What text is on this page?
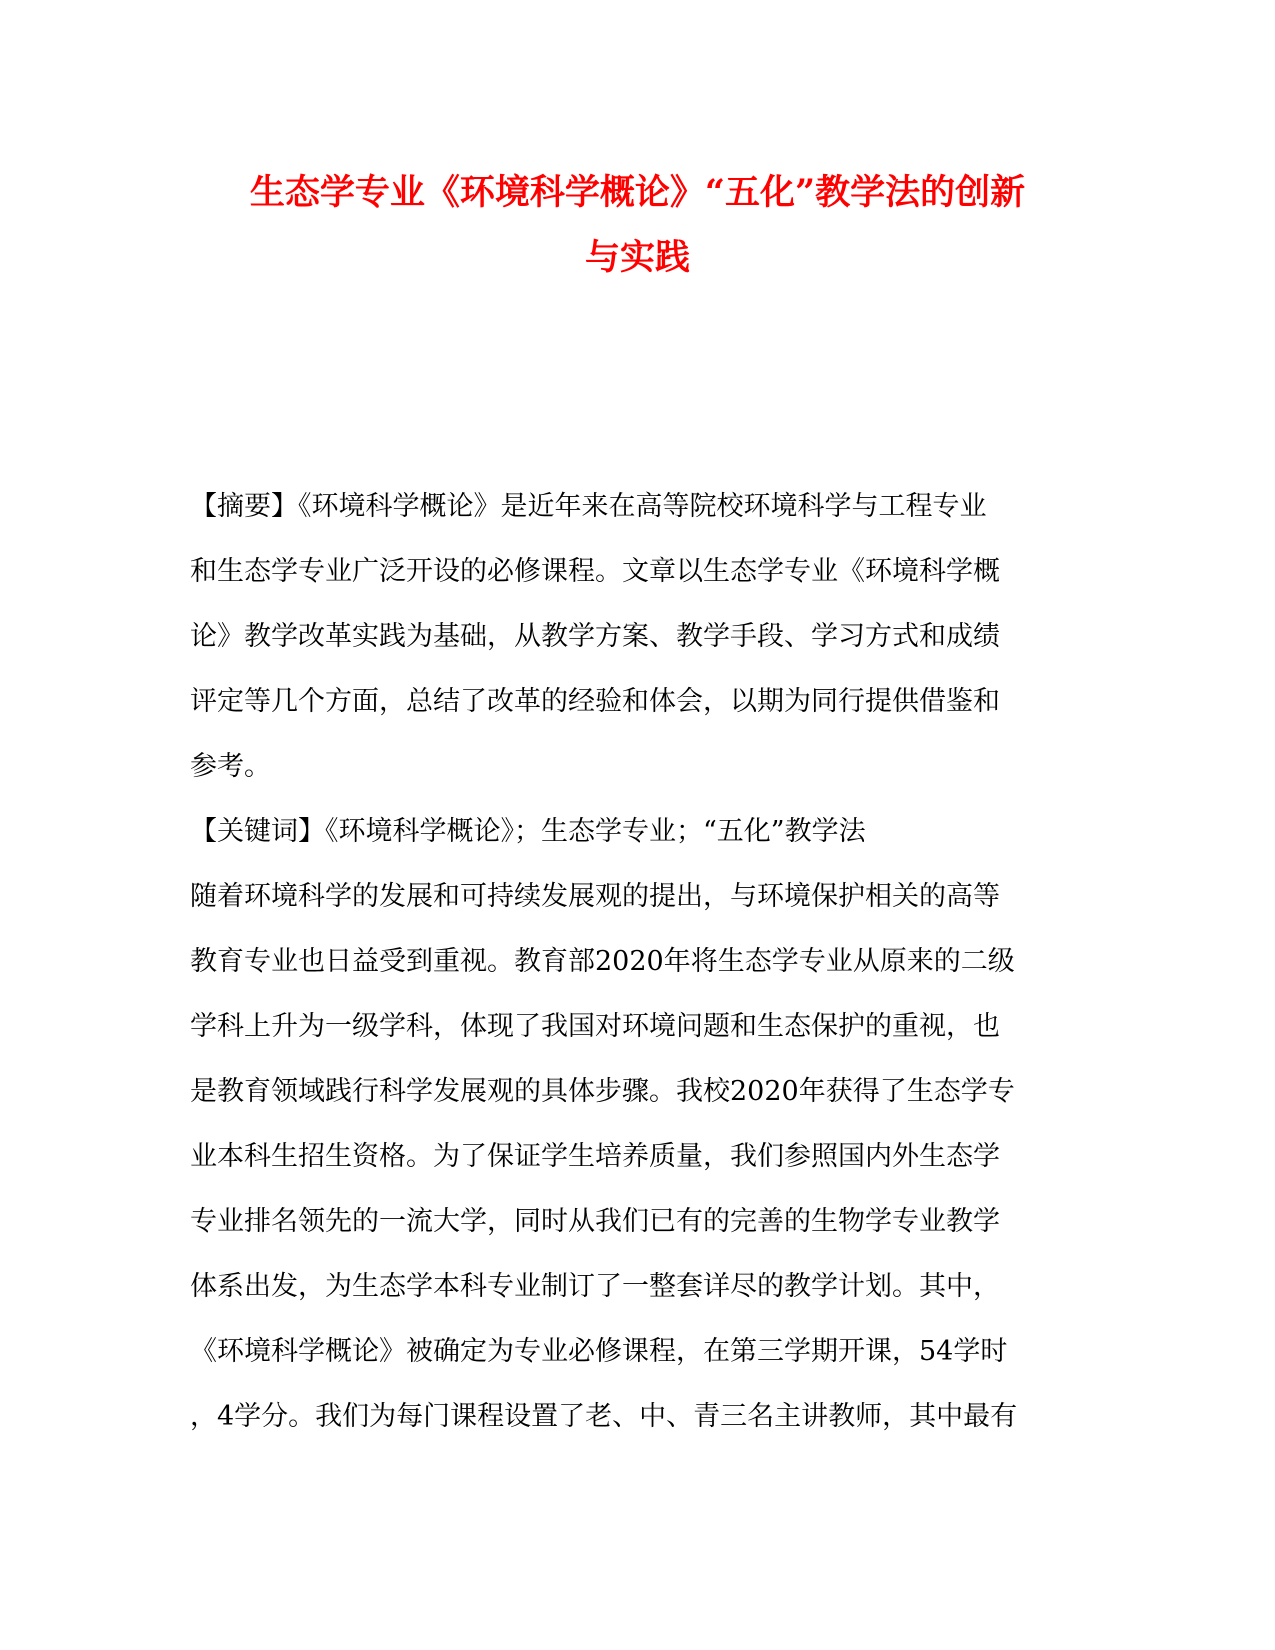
生态学专业《环境科学概论》“五化”教学法的创新
与实践
【摘要】《环境科学概论》是近年来在高等院校环境科学与工程专业
和生态学专业广泛开设的必修课程。文章以生态学专业《环境科学概
论》教学改革实践为基础，从教学方案、教学手段、学习方式和成绩
评定等几个方面，总结了改革的经验和体会，以期为同行提供借鉴和
参考。
【关键词】《环境科学概论》；生态学专业；“五化”教学法
随着环境科学的发展和可持续发展观的提出，与环境保护相关的高等
教育专业也日益受到重视。教育部2020年将生态学专业从原来的二级
学科上升为一级学科，体现了我国对环境问题和生态保护的重视，也
是教育领域践行科学发展观的具体步骤。我校2020年获得了生态学专
业本科生招生资格。为了保证学生培养质量，我们参照国内外生态学
专业排名领先的一流大学，同时从我们已有的完善的生物学专业教学
体系出发，为生态学本科专业制订了一整套详尽的教学计划。其中，
《环境科学概论》被确定为专业必修课程，在第三学期开课，54学时
，4学分。我们为每门课程设置了老、中、青三名主讲教师，其中最有
